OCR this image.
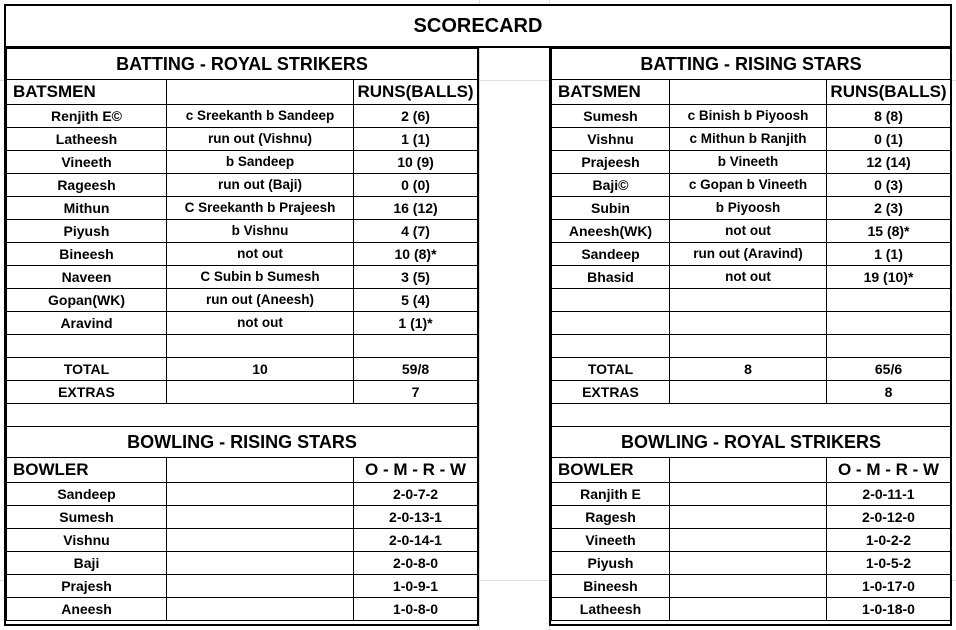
SCORECARD
BATTING - ROYAL STRIKERS		
BATSMEN		RUNS(BALLS)
Renjith E©	c Sreekanth b Sandeep	2 (6)
Latheesh	run out (Vishnu)	1 (1)
Vineeth	b Sandeep	10 (9)
Rageesh	run out (Baji)	0 (0)
Mithun	C Sreekanth b Prajeesh	16 (12)
Piyush	b Vishnu	4 (7)
Bineesh	not out	10 (8)*
Naveen	C Subin b Sumesh	3 (5)
Gopan(WK)	run out (Aneesh)	5 (4)
Aravind	not out	1 (1)*

TOTAL	10	59/8
EXTRAS		7

BOWLING - RISING STARS		
BOWLER		O - M - R - W
Sandeep		2-0-7-2
Sumesh		2-0-13-1
Vishnu		2-0-14-1
Baji		2-0-8-0
Prajesh		1-0-9-1
Aneesh		1-0-8-0
BATTING - RISING STARS		
BATSMEN		RUNS(BALLS)
Sumesh	c Binish b Piyoosh	8 (8)
Vishnu	c Mithun b Ranjith	0 (1)
Prajeesh	b Vineeth	12 (14)
Baji©	c Gopan b Vineeth	0 (3)
Subin	b Piyoosh	2 (3)
Aneesh(WK)	not out	15 (8)*
Sandeep	run out (Aravind)	1 (1)
Bhasid	not out	19 (10)*

TOTAL	8	65/6
EXTRAS		8

BOWLING - ROYAL STRIKERS		
BOWLER		O - M - R - W
Ranjith E		2-0-11-1
Ragesh		2-0-12-0
Vineeth		1-0-2-2
Piyush		1-0-5-2
Bineesh		1-0-17-0
Latheesh		1-0-18-0
